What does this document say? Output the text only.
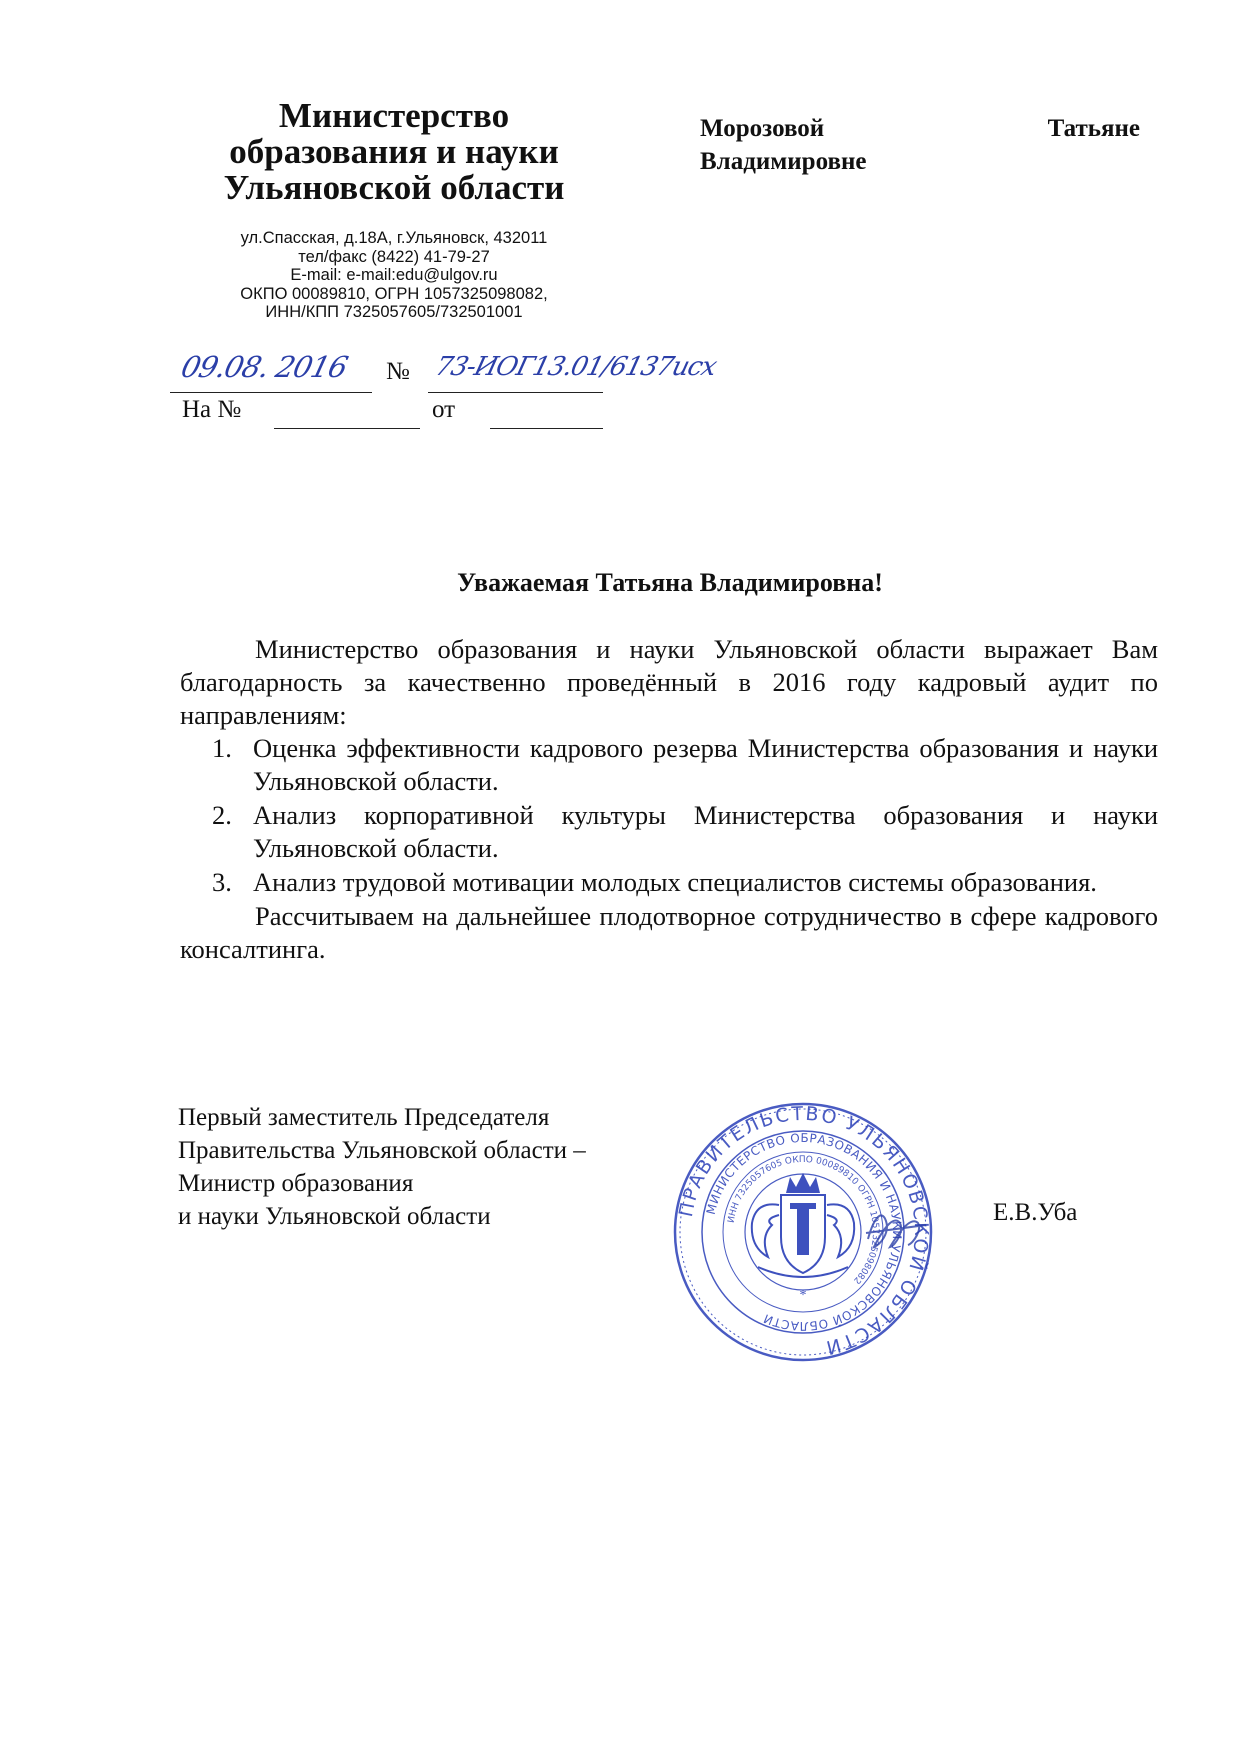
Министерство
образования и науки
Ульяновской области
ул.Спасская, д.18А, г.Ульяновск, 432011
тел/факс (8422) 41-79-27
E-mail: e-mail:edu@ulgov.ru
ОКПО 00089810, ОГРН 1057325098082,
ИНН/КПП 7325057605/732501001
Морозовой	Татьяне
Владимировне
09.08. 2016 № 73-ИОГ13.01/6137исх
На №	от
Уважаемая Татьяна Владимировна!

Министерство образования и науки Ульяновской области выражает Вам благодарность за качественно проведённый в 2016 году кадровый аудит по направлениям:

1. Оценка эффективности кадрового резерва Министерства образования и науки Ульяновской области.
2. Анализ корпоративной культуры Министерства образования и науки Ульяновской области.
3. Анализ трудовой мотивации молодых специалистов системы образования.

Рассчитываем на дальнейшее плодотворное сотрудничество в сфере кадрового консалтинга.

Первый заместитель Председателя
Правительства Ульяновской области –
Министр образования
и науки Ульяновской области	ПРАВИТЕЛЬСТВО УЛЬЯНОВСКОЙ ОБЛАСТИ
МИНИСТЕРСТВО ОБРАЗОВАНИЯ И НАУКИ УЛЬЯНОВСКОЙ ОБЛАСТИ
ИНН 7325057605 ОКПО 00089810 ОГРН 1057325098082
*
Е.В.Уба
